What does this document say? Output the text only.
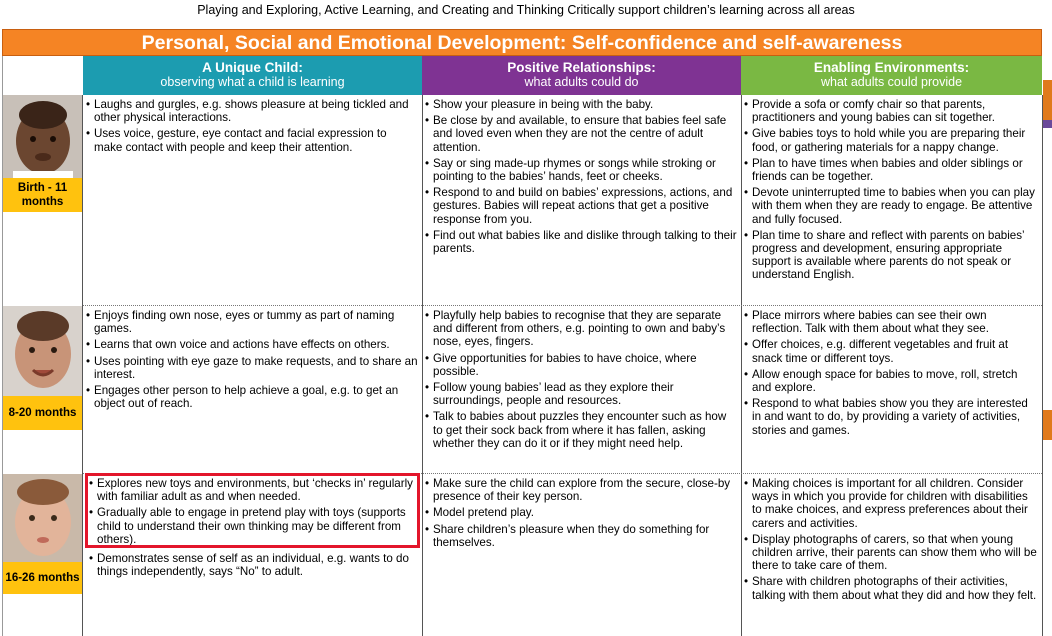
Playing and Exploring, Active Learning, and Creating and Thinking Critically support children’s learning across all areas
Personal, Social and Emotional Development: Self-confidence and self-awareness
A Unique Child:
observing what a child is learning
Positive Relationships:
what adults could do
Enabling Environments:
what adults could provide
Birth - 11 months
• Laughs and gurgles, e.g. shows pleasure at being tickled and other physical interactions.
• Uses voice, gesture, eye contact and facial expression to make contact with people and keep their attention.
• Show your pleasure in being with the baby.
• Be close by and available, to ensure that babies feel safe and loved even when they are not the centre of adult attention.
• Say or sing made-up rhymes or songs while stroking or pointing to the babies’ hands, feet or cheeks.
• Respond to and build on babies’ expressions, actions, and gestures. Babies will repeat actions that get a positive response from you.
• Find out what babies like and dislike through talking to their parents.
• Provide a sofa or comfy chair so that parents, practitioners and young babies can sit together.
• Give babies toys to hold while you are preparing their food, or gathering materials for a nappy change.
• Plan to have times when babies and older siblings or friends can be together.
• Devote uninterrupted time to babies when you can play with them when they are ready to engage. Be attentive and fully focused.
• Plan time to share and reflect with parents on babies’ progress and development, ensuring appropriate support is available where parents do not speak or understand English.
8-20 months
• Enjoys finding own nose, eyes or tummy as part of naming games.
• Learns that own voice and actions have effects on others.
• Uses pointing with eye gaze to make requests, and to share an interest.
• Engages other person to help achieve a goal, e.g. to get an object out of reach.
• Playfully help babies to recognise that they are separate and different from others, e.g. pointing to own and baby’s nose, eyes, fingers.
• Give opportunities for babies to have choice, where possible.
• Follow young babies’ lead as they explore their surroundings, people and resources.
• Talk to babies about puzzles they encounter such as how to get their sock back from where it has fallen, asking whether they can do it or if they might need help.
• Place mirrors where babies can see their own reflection. Talk with them about what they see.
• Offer choices, e.g. different vegetables and fruit at snack time or different toys.
• Allow enough space for babies to move, roll, stretch and explore.
• Respond to what babies show you they are interested in and want to do, by providing a variety of activities, stories and games.
16-26 months
• Explores new toys and environments, but ‘checks in’ regularly with familiar adult as and when needed.
• Gradually able to engage in pretend play with toys (supports child to understand their own thinking may be different from others).
• Demonstrates sense of self as an individual, e.g. wants to do things independently, says “No” to adult.
• Make sure the child can explore from the secure, close-by presence of their key person.
• Model pretend play.
• Share children’s pleasure when they do something for themselves.
• Making choices is important for all children. Consider ways in which you provide for children with disabilities to make choices, and express preferences about their carers and activities.
• Display photographs of carers, so that when young children arrive, their parents can show them who will be there to take care of them.
• Share with children photographs of their activities, talking with them about what they did and how they felt.
